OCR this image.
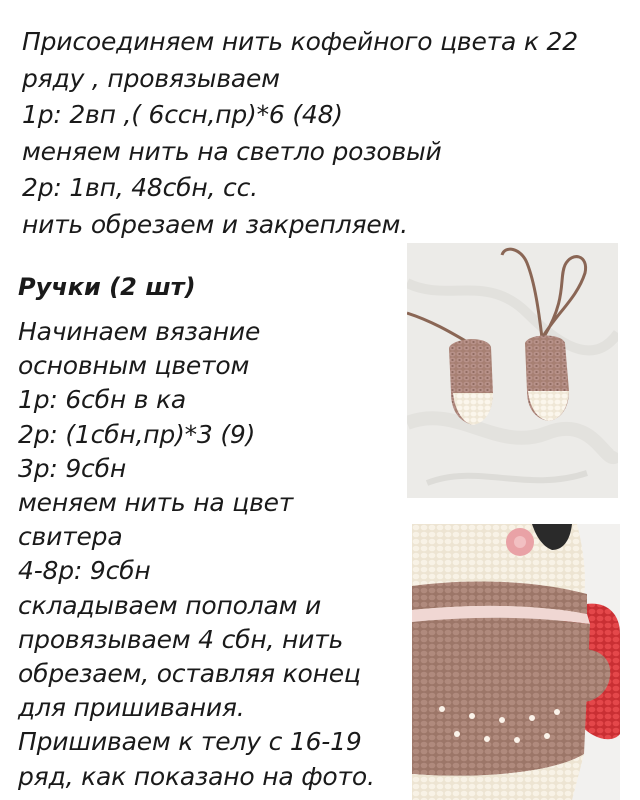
Присоединяем нить кофейного цвета к 22
ряду , провязываем
1р: 2вп ,( 6ссн,пр)*6 (48)
меняем нить на светло розовый
2р: 1вп, 48сбн, сс.
нить обрезаем и закрепляем.
Ручки (2 шт)
Начинаем вязание
основным цветом
1р: 6сбн в ка
2р: (1сбн,пр)*3 (9)
3р: 9сбн
меняем нить на цвет
свитера
4-8р: 9сбн
складываем пополам и
провязываем 4 сбн, нить
обрезаем, оставляя конец
для пришивания.
Пришиваем к телу с 16-19
ряд, как показано на фото.
